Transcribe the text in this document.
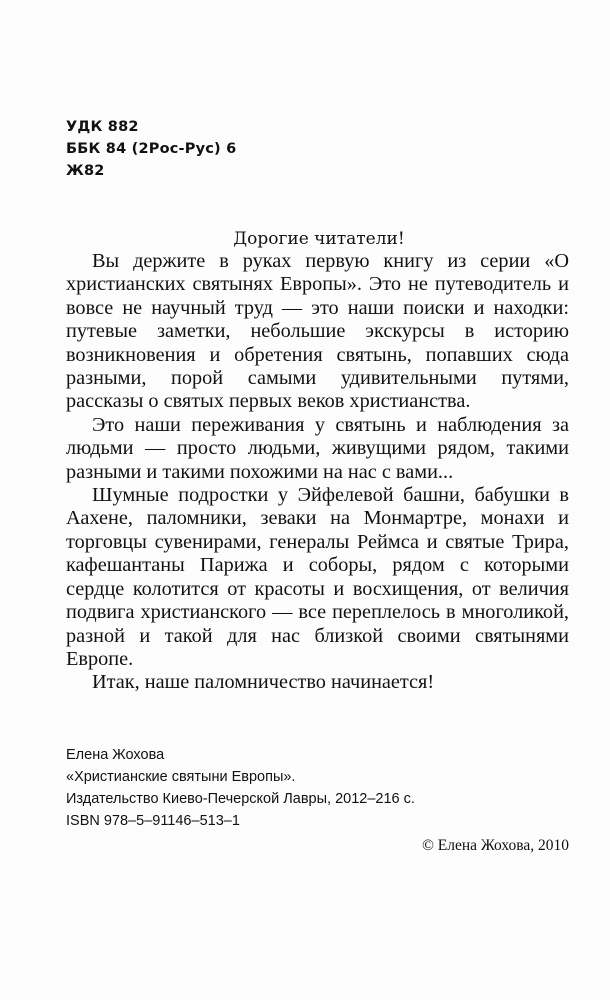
УДК 882
ББК 84 (2Рос-Рус) 6
Ж82
Дорогие читатели!

Вы держите в руках первую книгу из серии «О христианских святынях Европы». Это не путеводитель и вовсе не научный труд — это наши поиски и находки: путевые заметки, небольшие экскурсы в историю возникновения и обретения святынь, попавших сюда разными, порой самыми удивительными путями, рассказы о святых первых веков христианства.

Это наши переживания у святынь и наблюдения за людьми — просто людьми, живущими рядом, такими разными и такими похожими на нас с вами...

Шумные подростки у Эйфелевой башни, бабушки в Аахене, паломники, зеваки на Монмартре, монахи и торговцы сувенирами, генералы Реймса и святые Трира, кафешантаны Парижа и соборы, рядом с которыми сердце колотится от красоты и восхищения, от величия подвига христианского — все переплелось в многоликой, разной и такой для нас близкой своими святынями Европе.

Итак, наше паломничество начинается!

Елена Жохова
«Христианские святыни Европы».
Издательство Киево-Печерской Лавры, 2012–216 с.
ISBN 978–5–91146–513–1
© Елена Жохова, 2010
